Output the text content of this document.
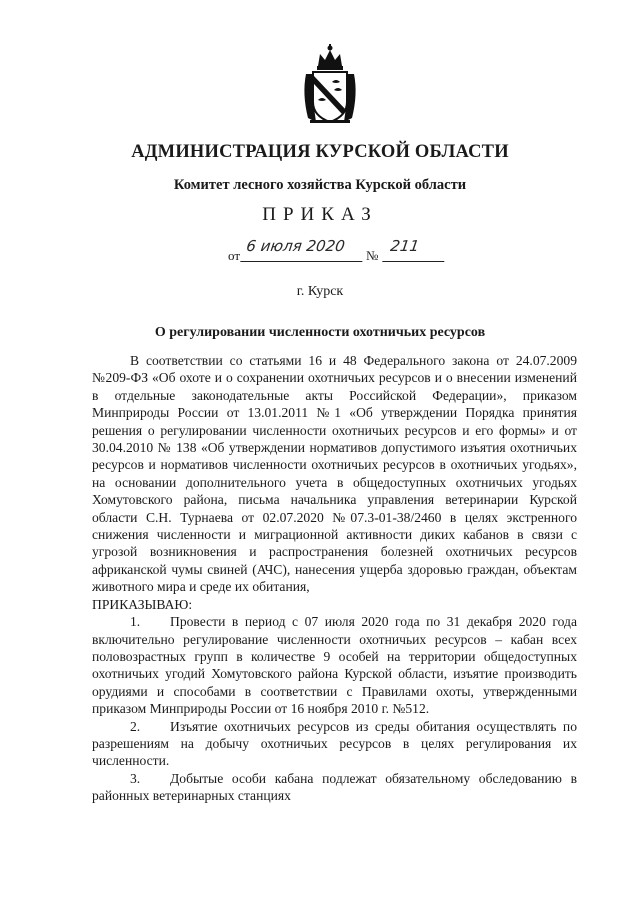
АДМИНИСТРАЦИЯ КУРСКОЙ ОБЛАСТИ
Комитет лесного хозяйства Курской области
ПРИКАЗ
от
6 июля 2020
№
211
г. Курск
О регулировании численности охотничьих ресурсов

В соответствии со статьями 16 и 48 Федерального закона от 24.07.2009 №209-ФЗ «Об охоте и о сохранении охотничьих ресурсов и о внесении изменений в отдельные законодательные акты Российской Федерации», приказом Минприроды России от 13.01.2011 №1 «Об утверждении Порядка принятия решения о регулировании численности охотничьих ресурсов и его формы» и от 30.04.2010 № 138 «Об утверждении нормативов допустимого изъятия охотничьих ресурсов и нормативов численности охотничьих ресурсов в охотничьих угодьях», на основании дополнительного учета в общедоступных охотничьих угодьях Хомутовского района, письма начальника управления ветеринарии Курской области С.Н. Турнаева от 02.07.2020 №07.3-01-38/2460 в целях экстренного снижения численности и миграционной активности диких кабанов в связи с угрозой возникновения и распространения болезней охотничьих ресурсов африканской чумы свиней (АЧС), нанесения ущерба здоровью граждан, объектам животного мира и среде их обитания,

ПРИКАЗЫВАЮ:

1. Провести в период с 07 июля 2020 года по 31 декабря 2020 года включительно регулирование численности охотничьих ресурсов – кабан всех половозрастных групп в количестве 9 особей на территории общедоступных охотничьих угодий Хомутовского района Курской области, изъятие производить орудиями и способами в соответствии с Правилами охоты, утвержденными приказом Минприроды России от 16 ноября 2010 г. №512.

2. Изъятие охотничьих ресурсов из среды обитания осуществлять по разрешениям на добычу охотничьих ресурсов в целях регулирования их численности.

3. Добытые особи кабана подлежат обязательному обследованию в районных ветеринарных станциях
